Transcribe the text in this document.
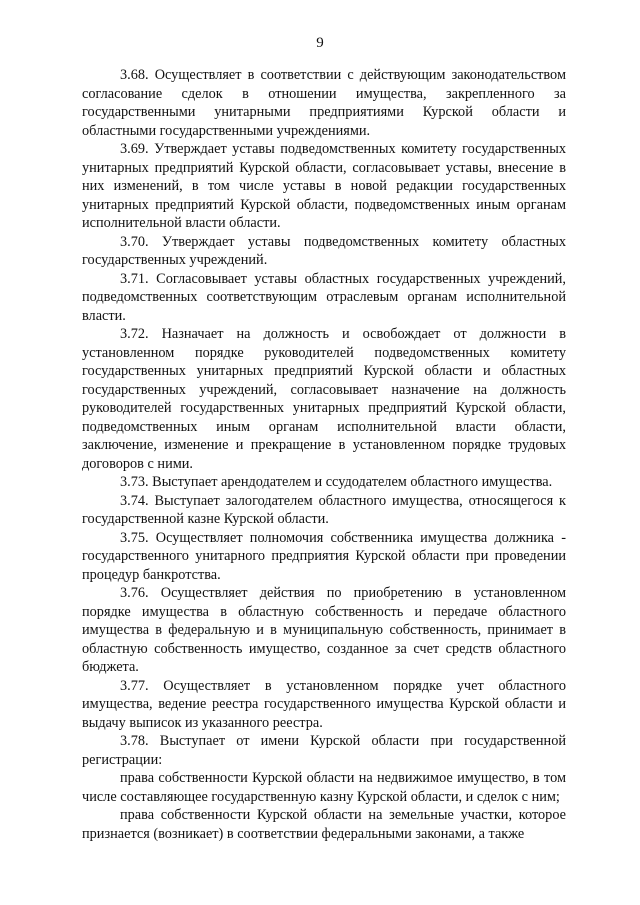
9

3.68. Осуществляет в соответствии с действующим законодательством согласование сделок в отношении имущества, закрепленного за государственными унитарными предприятиями Курской области и областными государственными учреждениями.

3.69. Утверждает уставы подведомственных комитету государственных унитарных предприятий Курской области, согласовывает уставы, внесение в них изменений, в том числе уставы в новой редакции государственных унитарных предприятий Курской области, подведомственных иным органам исполнительной власти области.

3.70. Утверждает уставы подведомственных комитету областных государственных учреждений.

3.71. Согласовывает уставы областных государственных учреждений, подведомственных соответствующим отраслевым органам исполнительной власти.

3.72. Назначает на должность и освобождает от должности в установленном порядке руководителей подведомственных комитету государственных унитарных предприятий Курской области и областных государственных учреждений, согласовывает назначение на должность руководителей государственных унитарных предприятий Курской области, подведомственных иным органам исполнительной власти области, заключение, изменение и прекращение в установленном порядке трудовых договоров с ними.

3.73. Выступает арендодателем и ссудодателем областного имущества.

3.74. Выступает залогодателем областного имущества, относящегося к государственной казне Курской области.

3.75. Осуществляет полномочия собственника имущества должника - государственного унитарного предприятия Курской области при проведении процедур банкротства.

3.76. Осуществляет действия по приобретению в установленном порядке имущества в областную собственность и передаче областного имущества в федеральную и в муниципальную собственность, принимает в областную собственность имущество, созданное за счет средств областного бюджета.

3.77. Осуществляет в установленном порядке учет областного имущества, ведение реестра государственного имущества Курской области и выдачу выписок из указанного реестра.

3.78. Выступает от имени Курской области при государственной регистрации:

права собственности Курской области на недвижимое имущество, в том числе составляющее государственную казну Курской области, и сделок с ним;

права собственности Курской области на земельные участки, которое признается (возникает) в соответствии федеральными законами, а также
